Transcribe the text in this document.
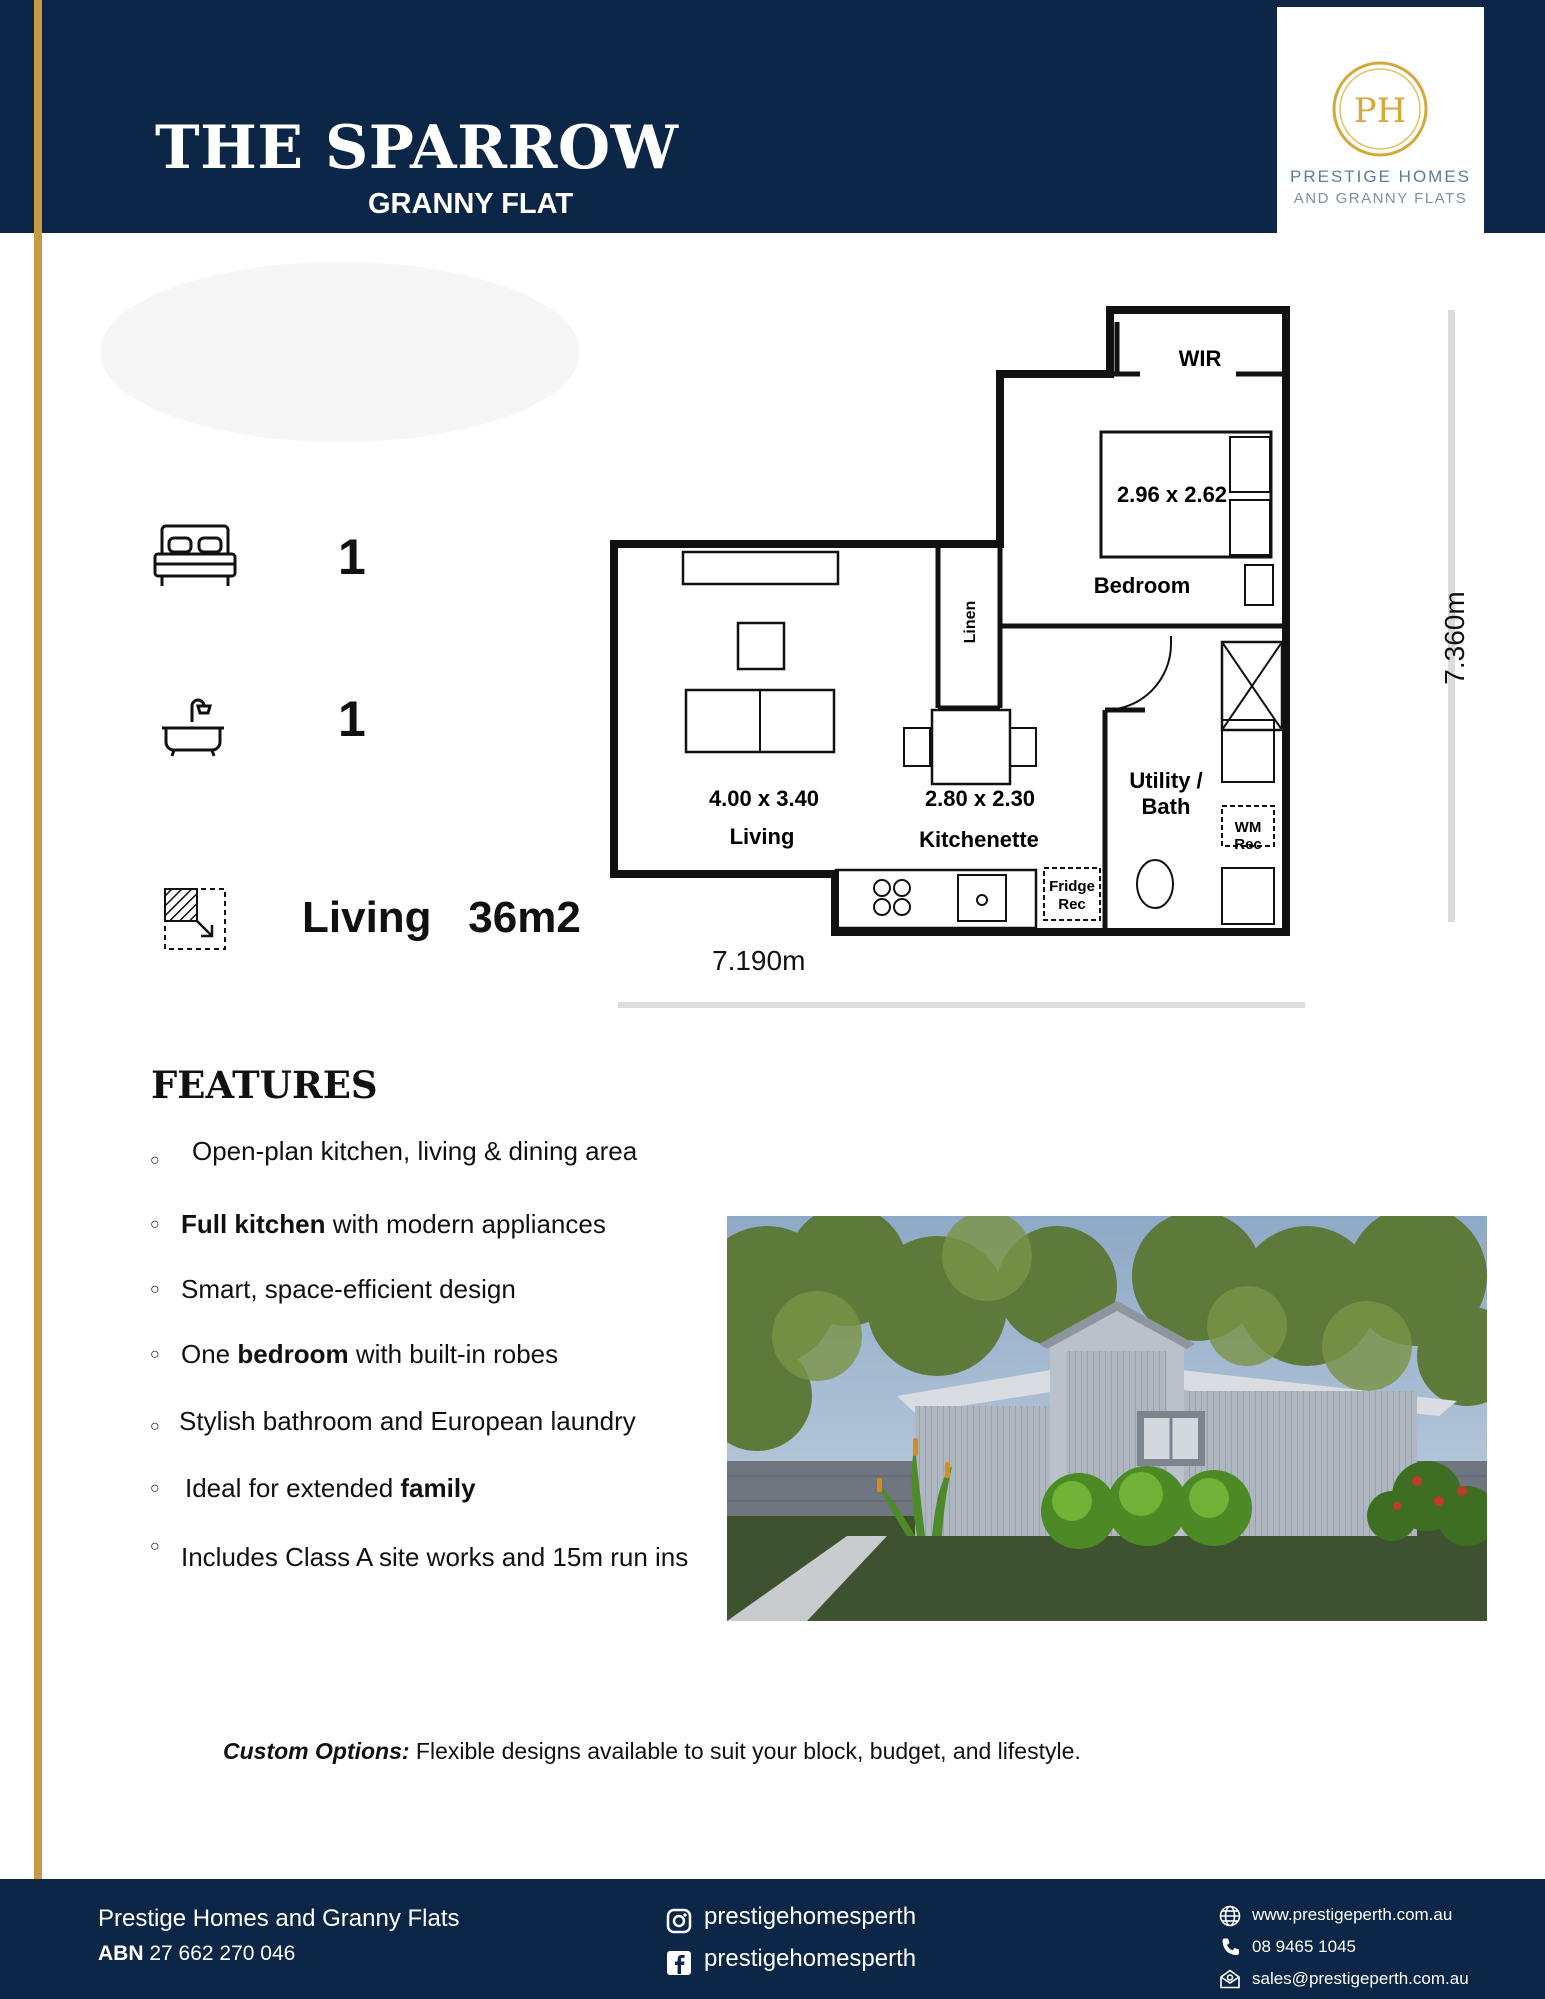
THE SPARROW
GRANNY FLAT
PH
PRESTIGE HOMES
AND GRANNY FLATS
1
1
Living 36m2
WIR
2.96 x 2.62
Bedroom
Linen
4.00 x 3.40
Living
2.80 x 2.30
Kitchenette
Utility /
Bath
WM
Rec
Fridge
Rec
7.190m
7.360m
FEATURES
○ Open-plan kitchen, living & dining area
○ Full kitchen with modern appliances
○ Smart, space-efficient design
○ One bedroom with built-in robes
○ Stylish bathroom and European laundry
○ Ideal for extended family
○ Includes Class A site works and 15m run ins
Custom Options: Flexible designs available to suit your block, budget, and lifestyle.
Prestige Homes and Granny Flats
ABN 27 662 270 046
prestigehomesperth
prestigehomesperth
www.prestigeperth.com.au
08 9465 1045
sales@prestigeperth.com.au
